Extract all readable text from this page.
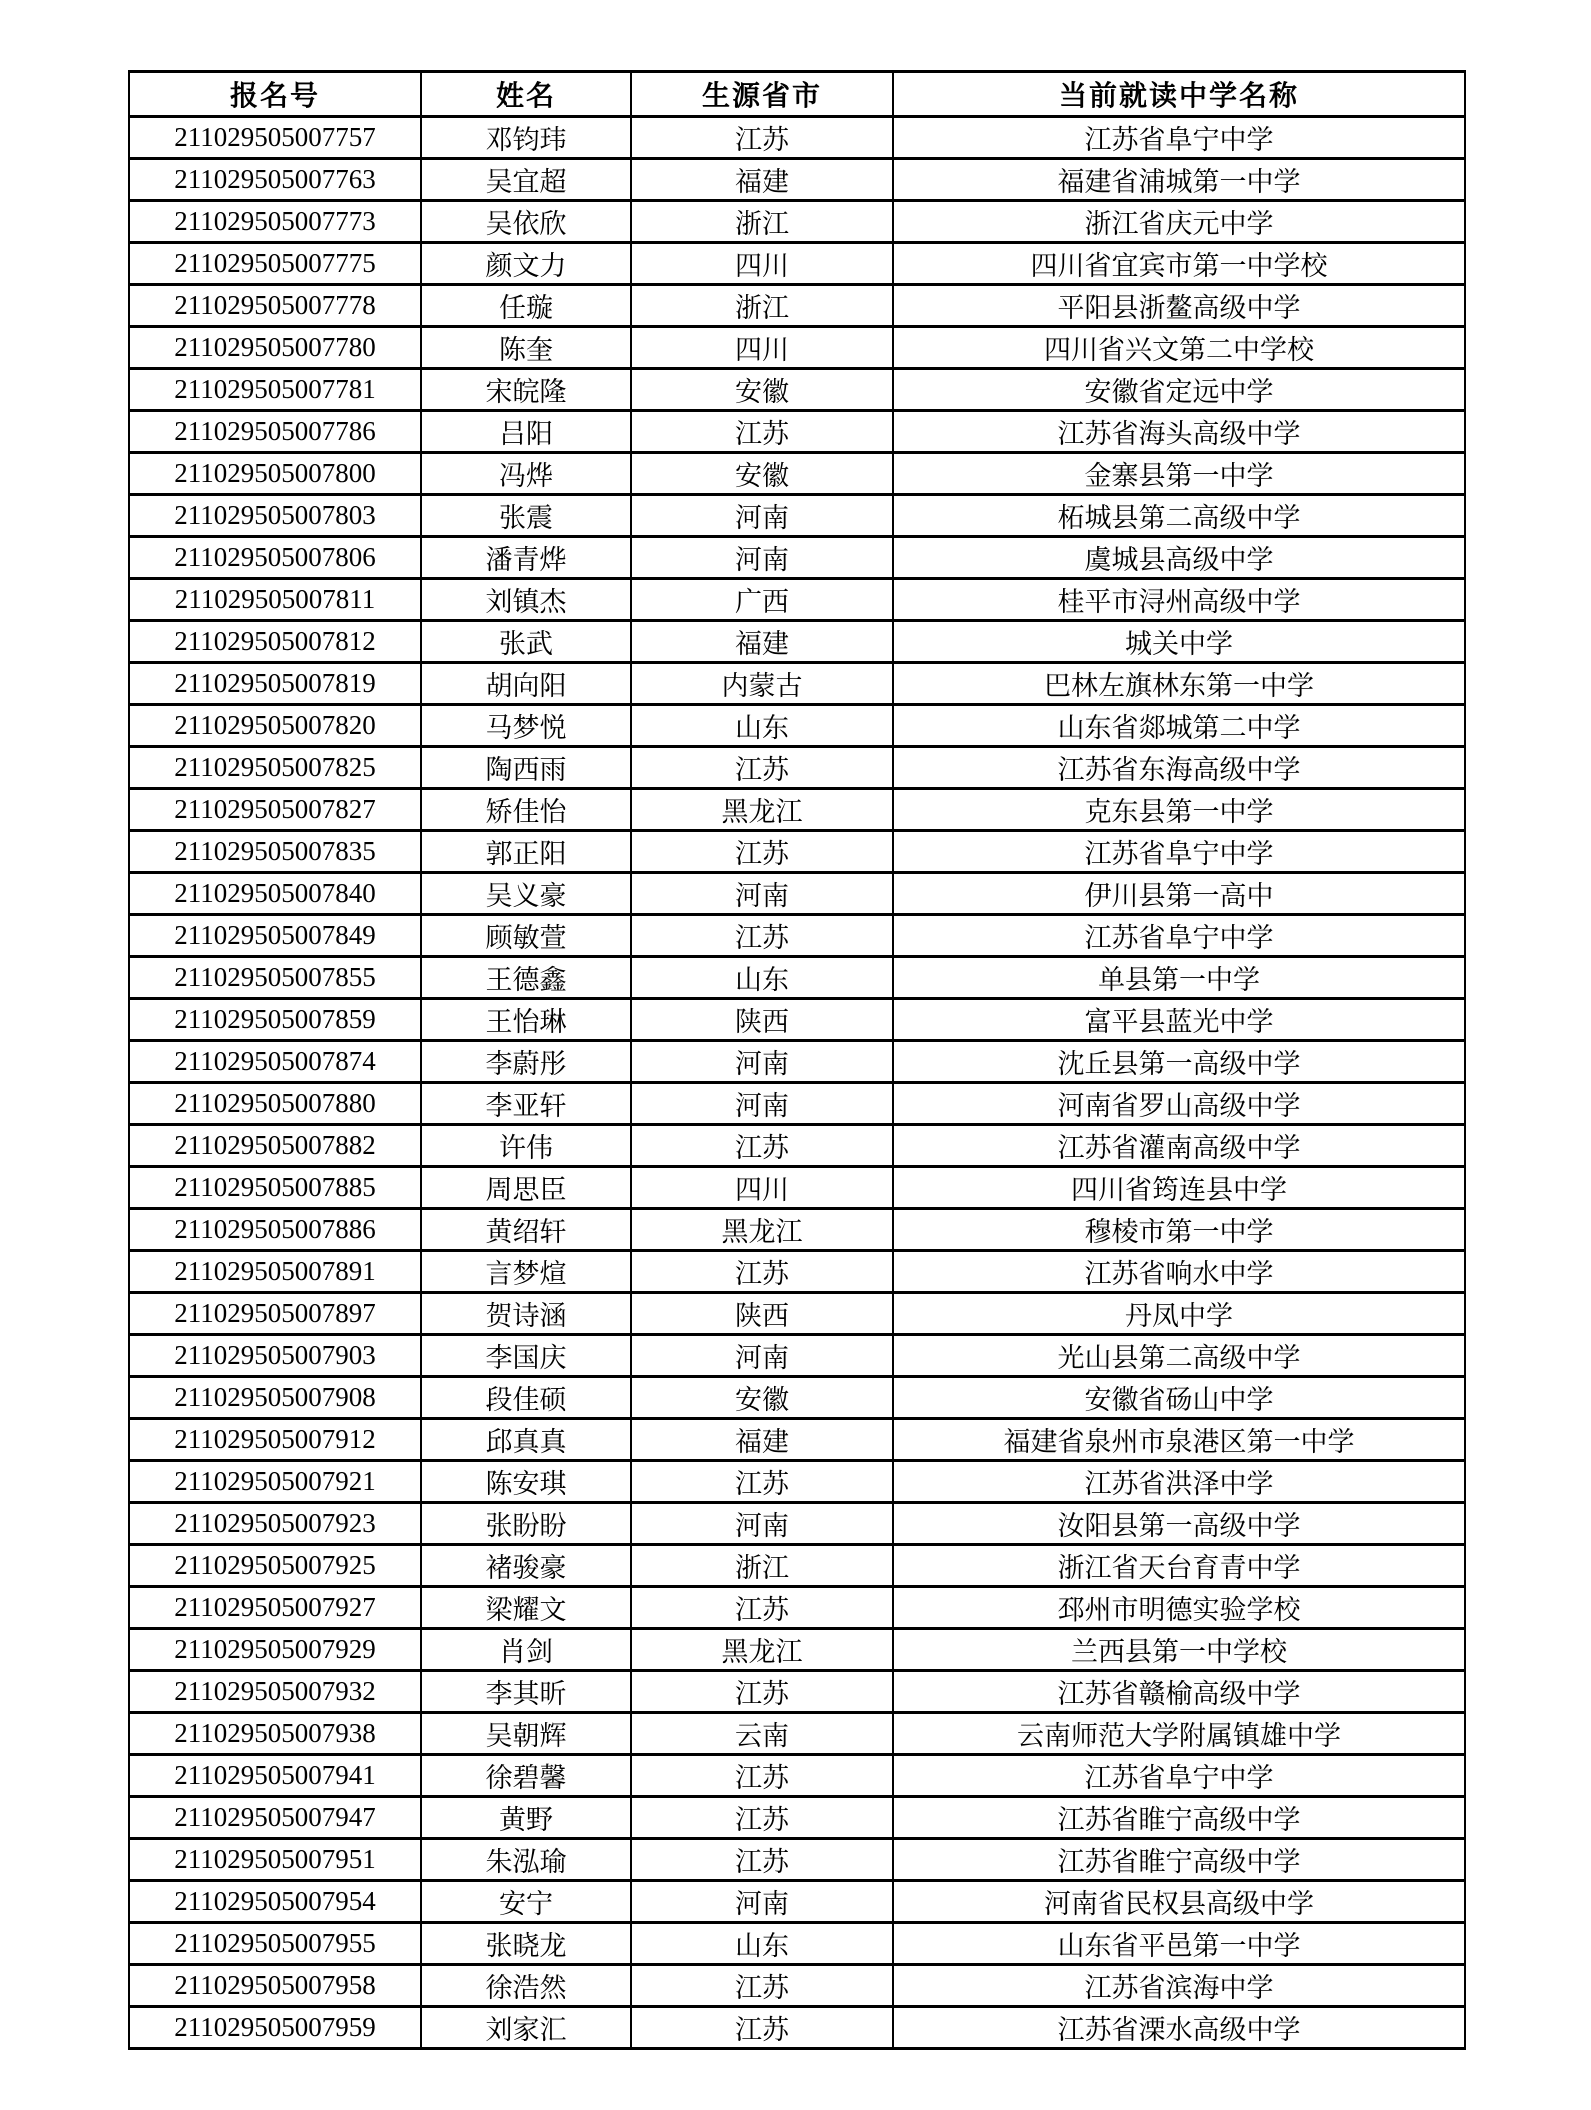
报名号	姓名	生源省市	当前就读中学名称
211029505007757	邓钧玮	江苏	江苏省阜宁中学
211029505007763	吴宜超	福建	福建省浦城第一中学
211029505007773	吴依欣	浙江	浙江省庆元中学
211029505007775	颜文力	四川	四川省宜宾市第一中学校
211029505007778	任璇	浙江	平阳县浙鳌高级中学
211029505007780	陈奎	四川	四川省兴文第二中学校
211029505007781	宋皖隆	安徽	安徽省定远中学
211029505007786	吕阳	江苏	江苏省海头高级中学
211029505007800	冯烨	安徽	金寨县第一中学
211029505007803	张震	河南	柘城县第二高级中学
211029505007806	潘青烨	河南	虞城县高级中学
211029505007811	刘镇杰	广西	桂平市浔州高级中学
211029505007812	张武	福建	城关中学
211029505007819	胡向阳	内蒙古	巴林左旗林东第一中学
211029505007820	马梦悦	山东	山东省郯城第二中学
211029505007825	陶西雨	江苏	江苏省东海高级中学
211029505007827	矫佳怡	黑龙江	克东县第一中学
211029505007835	郭正阳	江苏	江苏省阜宁中学
211029505007840	吴义豪	河南	伊川县第一高中
211029505007849	顾敏萱	江苏	江苏省阜宁中学
211029505007855	王德鑫	山东	单县第一中学
211029505007859	王怡琳	陕西	富平县蓝光中学
211029505007874	李蔚彤	河南	沈丘县第一高级中学
211029505007880	李亚轩	河南	河南省罗山高级中学
211029505007882	许伟	江苏	江苏省灌南高级中学
211029505007885	周思臣	四川	四川省筠连县中学
211029505007886	黄绍轩	黑龙江	穆棱市第一中学
211029505007891	言梦煊	江苏	江苏省响水中学
211029505007897	贺诗涵	陕西	丹凤中学
211029505007903	李国庆	河南	光山县第二高级中学
211029505007908	段佳硕	安徽	安徽省砀山中学
211029505007912	邱真真	福建	福建省泉州市泉港区第一中学
211029505007921	陈安琪	江苏	江苏省洪泽中学
211029505007923	张盼盼	河南	汝阳县第一高级中学
211029505007925	褚骏豪	浙江	浙江省天台育青中学
211029505007927	梁耀文	江苏	邳州市明德实验学校
211029505007929	肖剑	黑龙江	兰西县第一中学校
211029505007932	李其昕	江苏	江苏省赣榆高级中学
211029505007938	吴朝辉	云南	云南师范大学附属镇雄中学
211029505007941	徐碧馨	江苏	江苏省阜宁中学
211029505007947	黄野	江苏	江苏省睢宁高级中学
211029505007951	朱泓瑜	江苏	江苏省睢宁高级中学
211029505007954	安宁	河南	河南省民权县高级中学
211029505007955	张晓龙	山东	山东省平邑第一中学
211029505007958	徐浩然	江苏	江苏省滨海中学
211029505007959	刘家汇	江苏	江苏省溧水高级中学
